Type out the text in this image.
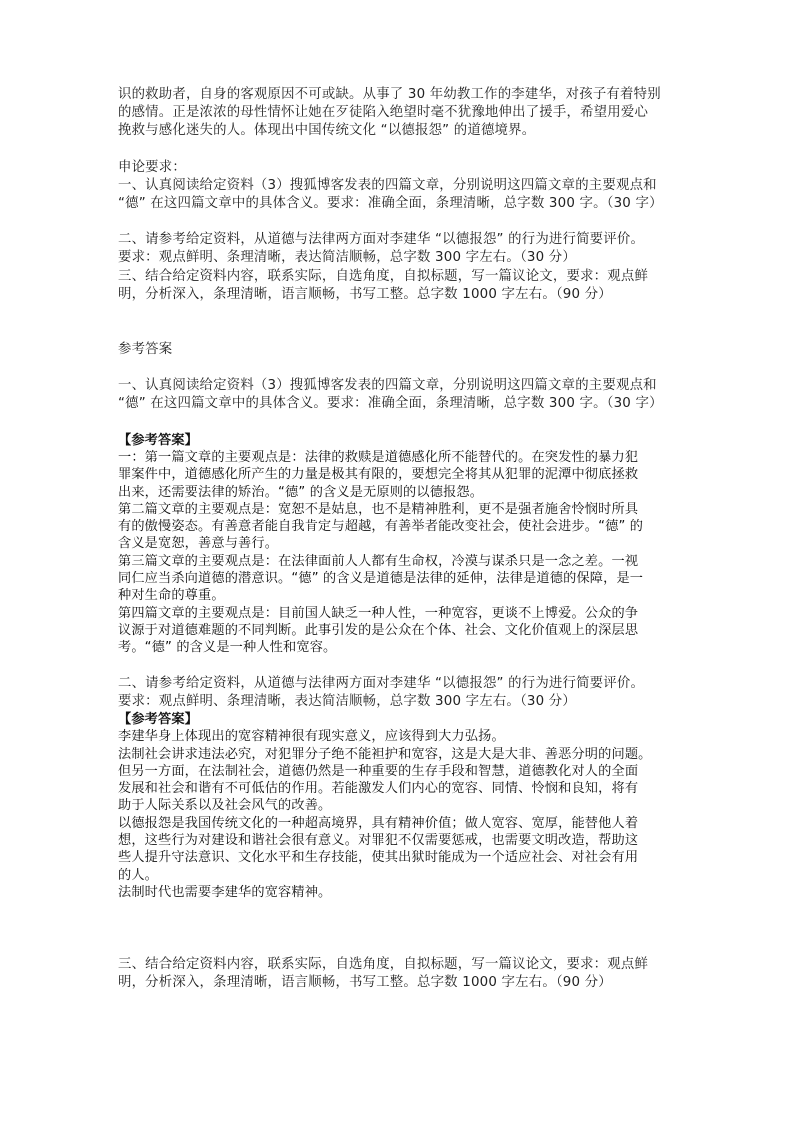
识的救助者，自身的客观原因不可或缺。从事了 30 年幼教工作的李建华，对孩子有着特别

的感情。正是浓浓的母性情怀让她在歹徒陷入绝望时毫不犹豫地伸出了援手，希望用爱心

挽救与感化迷失的人。体现出中国传统文化 “以德报怨” 的道德境界。

申论要求：

一、认真阅读给定资料（3）搜狐博客发表的四篇文章，分别说明这四篇文章的主要观点和

“德” 在这四篇文章中的具体含义。要求：准确全面，条理清晰，总字数 300 字。（30 字）

二、请参考给定资料，从道德与法律两方面对李建华 “以德报怨” 的行为进行简要评价。

要求：观点鲜明、条理清晰，表达简洁顺畅，总字数 300 字左右。（30 分）

三、结合给定资料内容，联系实际，自选角度，自拟标题，写一篇议论文，要求：观点鲜

明，分析深入，条理清晰，语言顺畅，书写工整。总字数 1000 字左右。（90 分）

参考答案

一、认真阅读给定资料（3）搜狐博客发表的四篇文章，分别说明这四篇文章的主要观点和

“德” 在这四篇文章中的具体含义。要求：准确全面，条理清晰，总字数 300 字。（30 字）

【参考答案】

一：第一篇文章的主要观点是：法律的救赎是道德感化所不能替代的。在突发性的暴力犯

罪案件中，道德感化所产生的力量是极其有限的，要想完全将其从犯罪的泥潭中彻底拯救

出来，还需要法律的矫治。“德” 的含义是无原则的以德报怨。

第二篇文章的主要观点是：宽恕不是姑息，也不是精神胜利，更不是强者施舍怜悯时所具

有的傲慢姿态。有善意者能自我肯定与超越，有善举者能改变社会，使社会进步。“德” 的

含义是宽恕，善意与善行。

第三篇文章的主要观点是：在法律面前人人都有生命权，冷漠与谋杀只是一念之差。一视

同仁应当杀向道德的潜意识。“德” 的含义是道德是法律的延伸，法律是道德的保障，是一

种对生命的尊重。

第四篇文章的主要观点是：目前国人缺乏一种人性，一种宽容，更谈不上博爱。公众的争

议源于对道德难题的不同判断。此事引发的是公众在个体、社会、文化价值观上的深层思

考。“德” 的含义是一种人性和宽容。

二、请参考给定资料，从道德与法律两方面对李建华 “以德报怨” 的行为进行简要评价。

要求：观点鲜明、条理清晰，表达简洁顺畅，总字数 300 字左右。（30 分）

【参考答案】

李建华身上体现出的宽容精神很有现实意义，应该得到大力弘扬。

法制社会讲求违法必究，对犯罪分子绝不能袒护和宽容，这是大是大非、善恶分明的问题。

但另一方面，在法制社会，道德仍然是一种重要的生存手段和智慧，道德教化对人的全面

发展和社会和谐有不可低估的作用。若能激发人们内心的宽容、同情、怜悯和良知，将有

助于人际关系以及社会风气的改善。

以德报怨是我国传统文化的一种超高境界，具有精神价值；做人宽容、宽厚，能替他人着

想，这些行为对建设和谐社会很有意义。对罪犯不仅需要惩戒，也需要文明改造，帮助这

些人提升守法意识、文化水平和生存技能，使其出狱时能成为一个适应社会、对社会有用

的人。

法制时代也需要李建华的宽容精神。

三、结合给定资料内容，联系实际，自选角度，自拟标题，写一篇议论文，要求：观点鲜

明，分析深入，条理清晰，语言顺畅，书写工整。总字数 1000 字左右。（90 分）
